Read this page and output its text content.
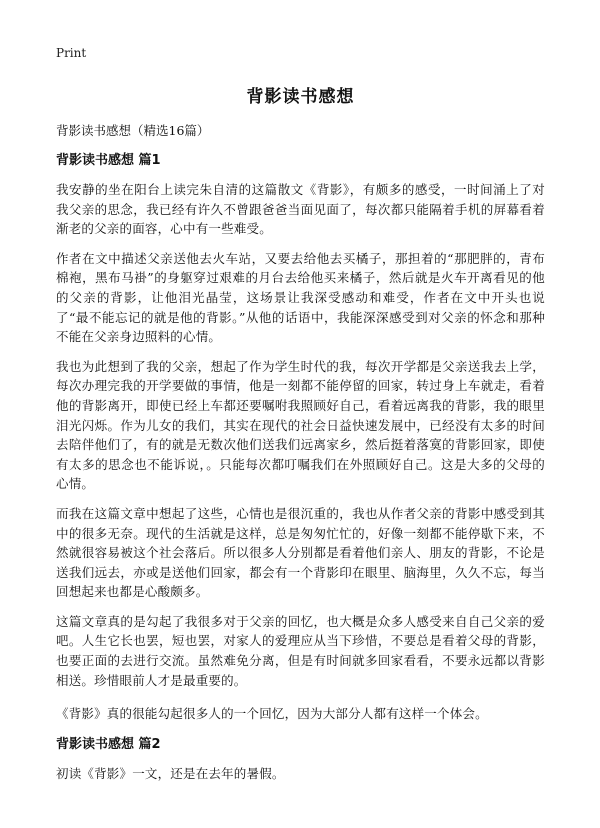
Print
背影读书感想

背影读书感想（精选16篇）

背影读书感想 篇1

我安静的坐在阳台上读完朱自清的这篇散文《背影》，有颇多的感受，一时间涌上了对我父亲的思念，我已经有许久不曾跟爸爸当面见面了，每次都只能隔着手机的屏幕看着渐老的父亲的面容，心中有一些难受。

作者在文中描述父亲送他去火车站，又要去给他去买橘子，那担着的“那肥胖的，青布棉袍，黑布马褂”的身躯穿过艰难的月台去给他买来橘子，然后就是火车开离看见的他的父亲的背影，让他泪光晶莹，这场景让我深受感动和难受，作者在文中开头也说了“最不能忘记的就是他的背影。”从他的话语中，我能深深感受到对父亲的怀念和那种不能在父亲身边照料的心情。

我也为此想到了我的父亲，想起了作为学生时代的我，每次开学都是父亲送我去上学，每次办理完我的开学要做的事情，他是一刻都不能停留的回家，转过身上车就走，看着他的背影离开，即使已经上车都还要嘱咐我照顾好自己，看着远离我的背影，我的眼里泪光闪烁。作为儿女的我们，其实在现代的社会日益快速发展中，已经没有太多的时间去陪伴他们了，有的就是无数次他们送我们远离家乡，然后挺着落寞的背影回家，即使有太多的思念也不能诉说，。只能每次都叮嘱我们在外照顾好自己。这是大多的父母的心情。

而我在这篇文章中想起了这些，心情也是很沉重的，我也从作者父亲的背影中感受到其中的很多无奈。现代的生活就是这样，总是匆匆忙忙的，好像一刻都不能停歇下来，不然就很容易被这个社会落后。所以很多人分别都是看着他们亲人、朋友的背影，不论是送我们远去，亦或是送他们回家，都会有一个背影印在眼里、脑海里，久久不忘，每当回想起来也都是心酸颇多。

这篇文章真的是勾起了我很多对于父亲的回忆，也大概是众多人感受来自自己父亲的爱吧。人生它长也罢，短也罢，对家人的爱理应从当下珍惜，不要总是看着父母的背影，也要正面的去进行交流。虽然难免分离，但是有时间就多回家看看，不要永远都以背影相送。珍惜眼前人才是最重要的。

《背影》真的很能勾起很多人的一个回忆，因为大部分人都有这样一个体会。

背影读书感想 篇2

初读《背影》一文，还是在去年的暑假。
